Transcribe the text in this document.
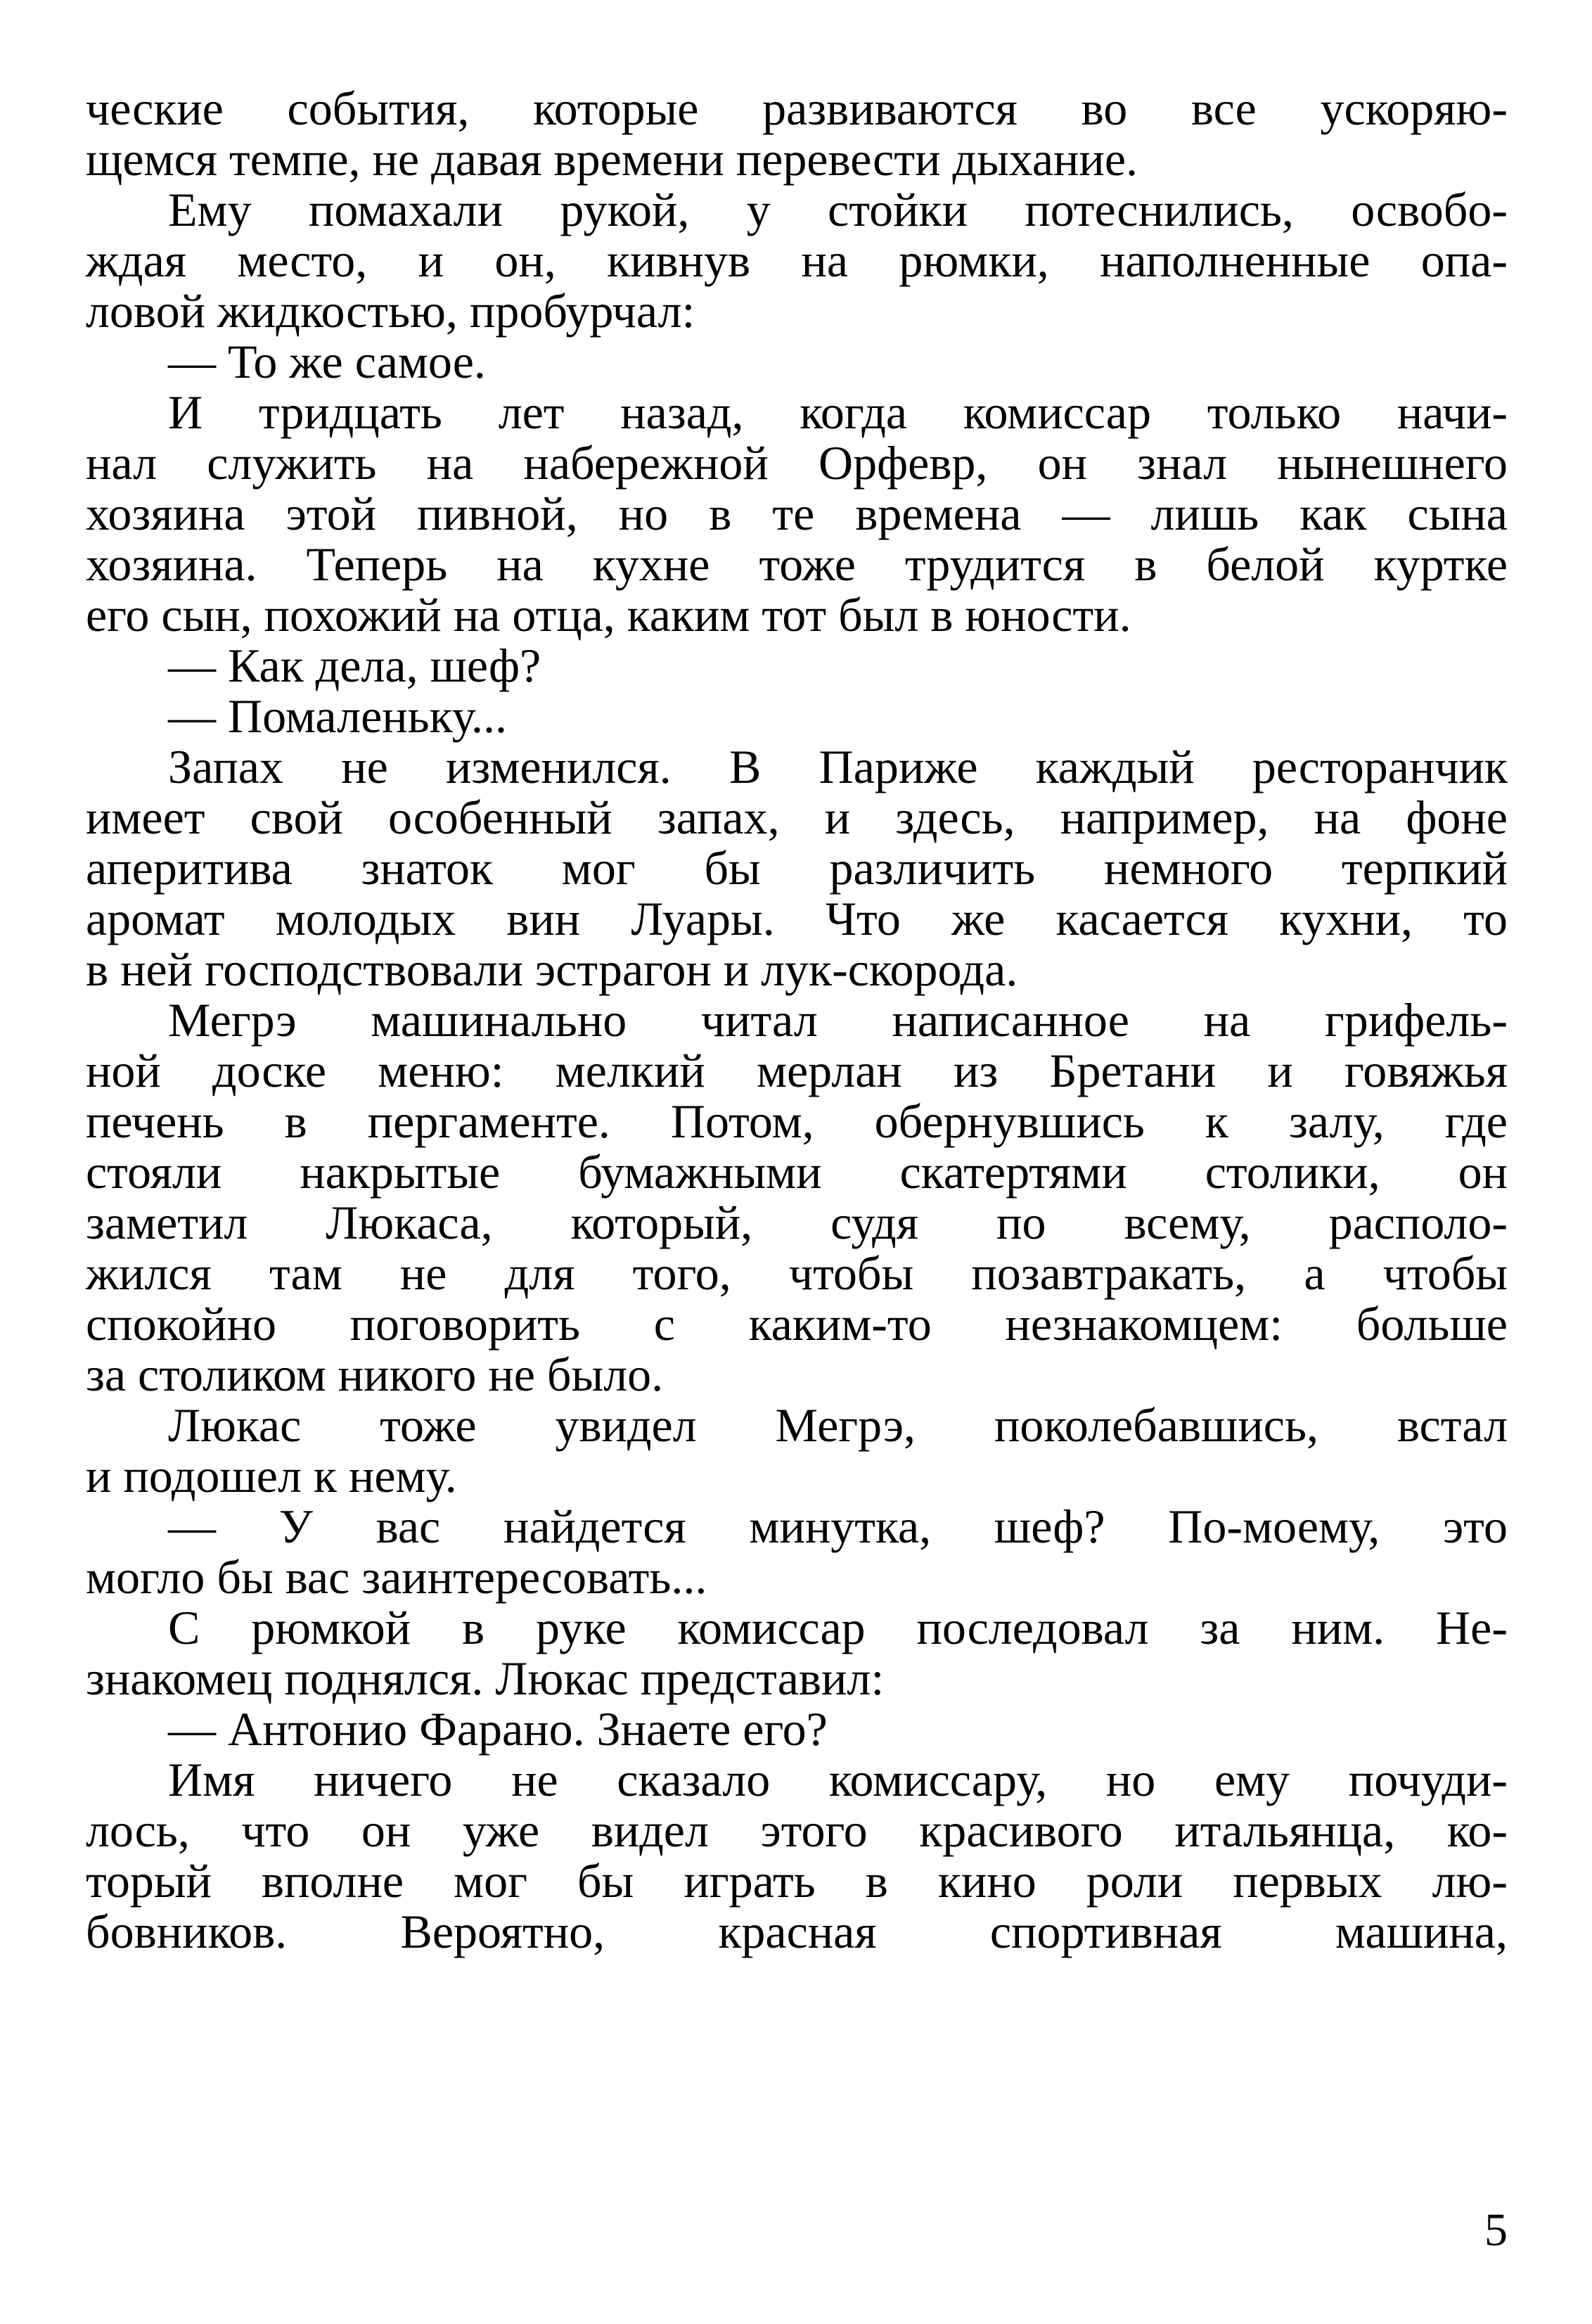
ческие события, которые развиваются во все ускоряю-
щемся темпе, не давая времени перевести дыхание.
Ему помахали рукой, у стойки потеснились, освобо-
ждая место, и он, кивнув на рюмки, наполненные опа-
ловой жидкостью, пробурчал:
— То же самое.
И тридцать лет назад, когда комиссар только начи-
нал служить на набережной Орфевр, он знал нынешнего
хозяина этой пивной, но в те времена — лишь как сына
хозяина. Теперь на кухне тоже трудится в белой куртке
его сын, похожий на отца, каким тот был в юности.
— Как дела, шеф?
— Помаленьку...
Запах не изменился. В Париже каждый ресторанчик
имеет свой особенный запах, и здесь, например, на фоне
аперитива знаток мог бы различить немного терпкий
аромат молодых вин Луары. Что же касается кухни, то
в ней господствовали эстрагон и лук-скорода.
Мегрэ машинально читал написанное на грифель-
ной доске меню: мелкий мерлан из Бретани и говяжья
печень в пергаменте. Потом, обернувшись к залу, где
стояли накрытые бумажными скатертями столики, он
заметил Люкаса, который, судя по всему, располо-
жился там не для того, чтобы позавтракать, а чтобы
спокойно поговорить с каким-то незнакомцем: больше
за столиком никого не было.
Люкас тоже увидел Мегрэ, поколебавшись, встал
и подошел к нему.
— У вас найдется минутка, шеф? По-моему, это
могло бы вас заинтересовать...
С рюмкой в руке комиссар последовал за ним. Не-
знакомец поднялся. Люкас представил:
— Антонио Фарано. Знаете его?
Имя ничего не сказало комиссару, но ему почуди-
лось, что он уже видел этого красивого итальянца, ко-
торый вполне мог бы играть в кино роли первых лю-
бовников. Вероятно, красная спортивная машина,
5
